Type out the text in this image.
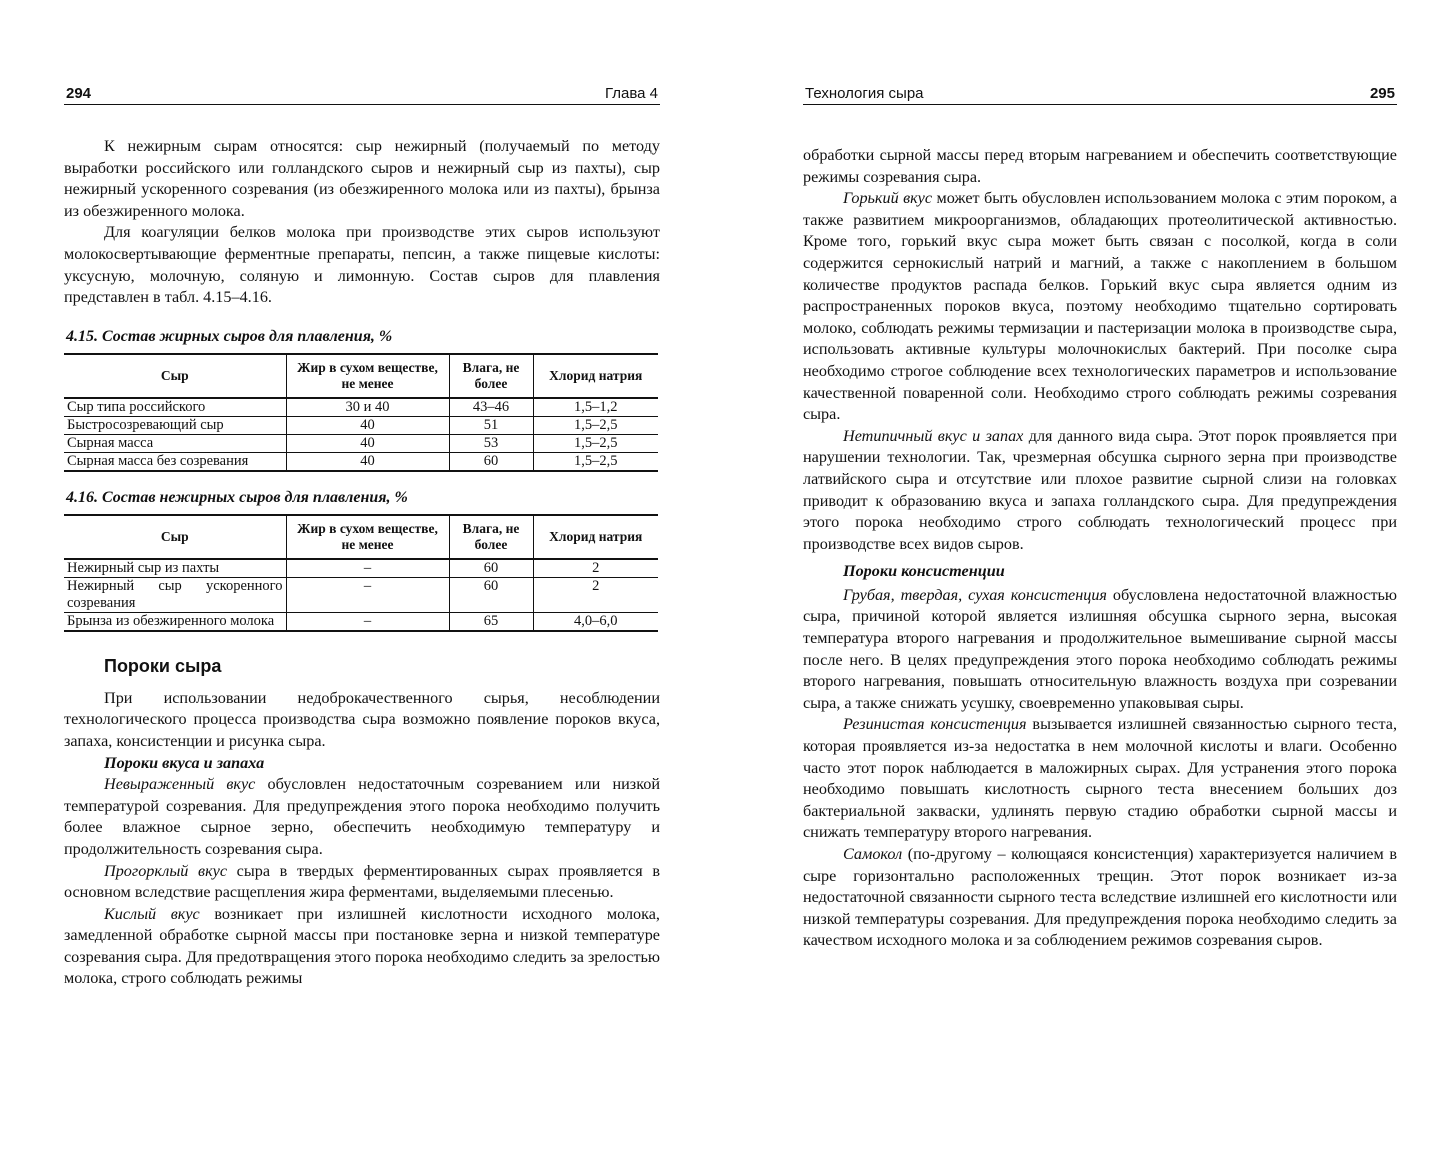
294	Глава 4

К нежирным сырам относятся: сыр нежирный (получаемый по методу выработки российского или голландского сыров и нежирный сыр из пахты), сыр нежирный ускоренного созревания (из обезжиренного молока или из пахты), брынза из обезжиренного молока.

Для коагуляции белков молока при производстве этих сыров используют молокосвертывающие ферментные препараты, пепсин, а также пищевые кислоты: уксусную, молочную, соляную и лимонную. Состав сыров для плавления представлен в табл. 4.15–4.16.

4.15. Состав жирных сыров для плавления, %
Сыр	Жир в сухом веществе, не менее	Влага, не более	Хлорид натрия
Сыр типа российского	30 и 40	43–46	1,5–1,2
Быстросозревающий сыр	40	51	1,5–2,5
Сырная масса	40	53	1,5–2,5
Сырная масса без созревания	40	60	1,5–2,5
4.16. Состав нежирных сыров для плавления, %
Сыр	Жир в сухом веществе, не менее	Влага, не более	Хлорид натрия
Нежирный сыр из пахты	–	60	2
Нежирный сыр ускоренного созревания	–	60	2
Брынза из обезжиренного молока	–	65	4,0–6,0
Пороки сыра

При использовании недоброкачественного сырья, несоблюдении технологического процесса производства сыра возможно появление пороков вкуса, запаха, консистенции и рисунка сыра.

Пороки вкуса и запаха

Невыраженный вкус обусловлен недостаточным созреванием или низкой температурой созревания. Для предупреждения этого порока необходимо получить более влажное сырное зерно, обеспечить необходимую температуру и продолжительность созревания сыра.

Прогорклый вкус сыра в твердых ферментированных сырах проявляется в основном вследствие расщепления жира ферментами, выделяемыми плесенью.

Кислый вкус возникает при излишней кислотности исходного молока, замедленной обработке сырной массы при постановке зерна и низкой температуре созревания сыра. Для предотвращения этого порока необходимо следить за зрелостью молока, строго соблюдать режимы

Технология сыра	295

обработки сырной массы перед вторым нагреванием и обеспечить соответствующие режимы созревания сыра.

Горький вкус может быть обусловлен использованием молока с этим пороком, а также развитием микроорганизмов, обладающих протеолитической активностью. Кроме того, горький вкус сыра может быть связан с посолкой, когда в соли содержится сернокислый натрий и магний, а также с накоплением в большом количестве продуктов распада белков. Горький вкус сыра является одним из распространенных пороков вкуса, поэтому необходимо тщательно сортировать молоко, соблюдать режимы термизации и пастеризации молока в производстве сыра, использовать активные культуры молочнокислых бактерий. При посолке сыра необходимо строгое соблюдение всех технологических параметров и использование качественной поваренной соли. Необходимо строго соблюдать режимы созревания сыра.

Нетипичный вкус и запах для данного вида сыра. Этот порок проявляется при нарушении технологии. Так, чрезмерная обсушка сырного зерна при производстве латвийского сыра и отсутствие или плохое развитие сырной слизи на головках приводит к образованию вкуса и запаха голландского сыра. Для предупреждения этого порока необходимо строго соблюдать технологический процесс при производстве всех видов сыров.

Пороки консистенции

Грубая, твердая, сухая консистенция обусловлена недостаточной влажностью сыра, причиной которой является излишняя обсушка сырного зерна, высокая температура второго нагревания и продолжительное вымешивание сырной массы после него. В целях предупреждения этого порока необходимо соблюдать режимы второго нагревания, повышать относительную влажность воздуха при созревании сыра, а также снижать усушку, своевременно упаковывая сыры.

Резинистая консистенция вызывается излишней связанностью сырного теста, которая проявляется из-за недостатка в нем молочной кислоты и влаги. Особенно часто этот порок наблюдается в маложирных сырах. Для устранения этого порока необходимо повышать кислотность сырного теста внесением больших доз бактериальной закваски, удлинять первую стадию обработки сырной массы и снижать температуру второго нагревания.

Самокол (по-другому – колющаяся консистенция) характеризуется наличием в сыре горизонтально расположенных трещин. Этот порок возникает из-за недостаточной связанности сырного теста вследствие излишней его кислотности или низкой температуры созревания. Для предупреждения порока необходимо следить за качеством исходного молока и за соблюдением режимов созревания сыров.
